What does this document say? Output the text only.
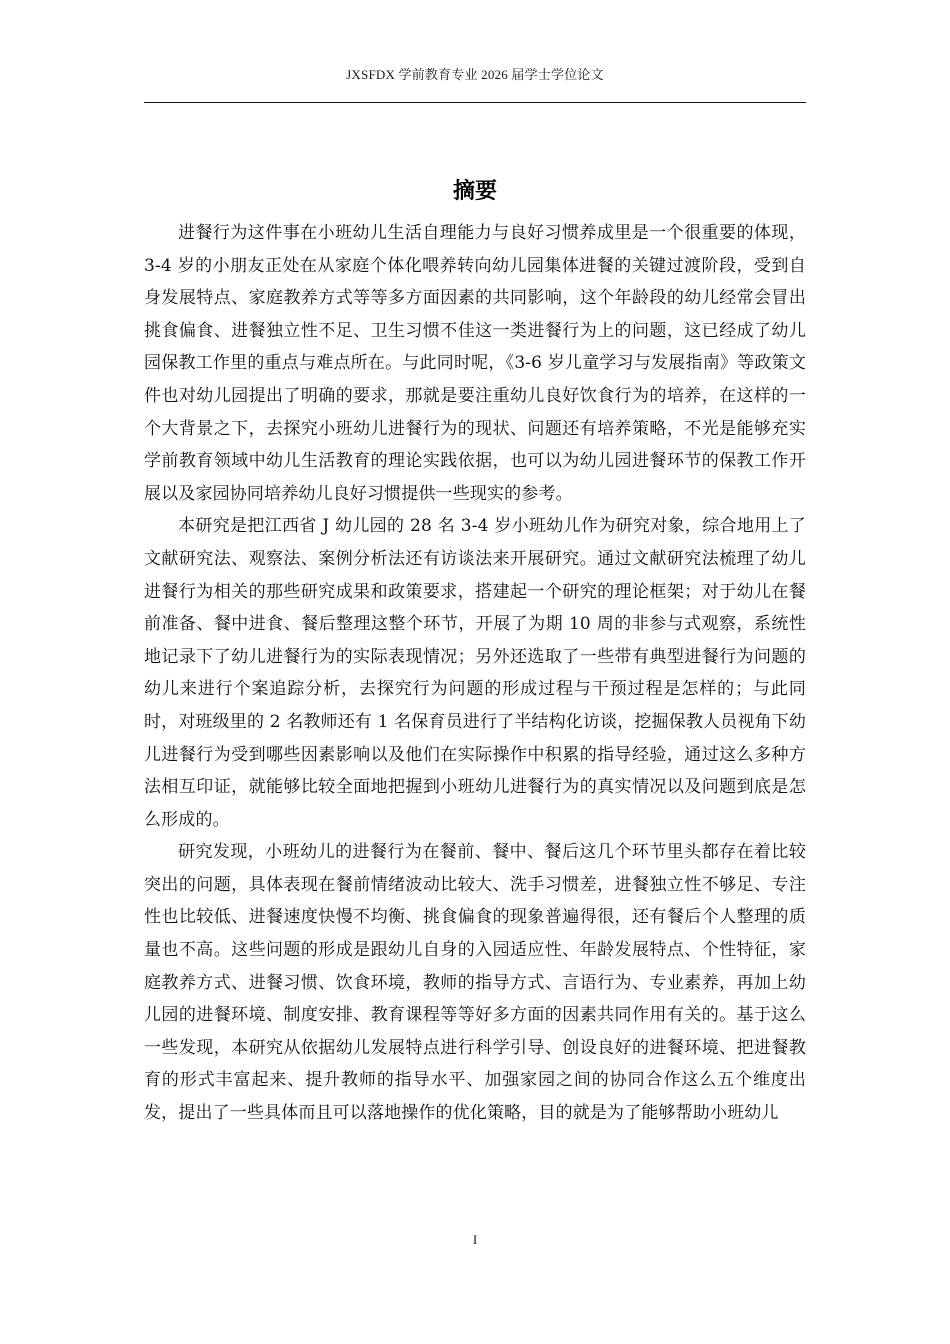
JXSFDX 学前教育专业 2026 届学士学位论文
摘要

进餐行为这件事在小班幼儿生活自理能力与良好习惯养成里是一个很重要的体现，3-4 岁的小朋友正处在从家庭个体化喂养转向幼儿园集体进餐的关键过渡阶段，受到自身发展特点、家庭教养方式等等多方面因素的共同影响，这个年龄段的幼儿经常会冒出挑食偏食、进餐独立性不足、卫生习惯不佳这一类进餐行为上的问题，这已经成了幼儿园保教工作里的重点与难点所在。与此同时呢，《3-6 岁儿童学习与发展指南》等政策文件也对幼儿园提出了明确的要求，那就是要注重幼儿良好饮食行为的培养，在这样的一个大背景之下，去探究小班幼儿进餐行为的现状、问题还有培养策略，不光是能够充实学前教育领域中幼儿生活教育的理论实践依据，也可以为幼儿园进餐环节的保教工作开展以及家园协同培养幼儿良好习惯提供一些现实的参考。

本研究是把江西省 J 幼儿园的 28 名 3-4 岁小班幼儿作为研究对象，综合地用上了文献研究法、观察法、案例分析法还有访谈法来开展研究。通过文献研究法梳理了幼儿进餐行为相关的那些研究成果和政策要求，搭建起一个研究的理论框架；对于幼儿在餐前准备、餐中进食、餐后整理这整个环节，开展了为期 10 周的非参与式观察，系统性地记录下了幼儿进餐行为的实际表现情况；另外还选取了一些带有典型进餐行为问题的幼儿来进行个案追踪分析，去探究行为问题的形成过程与干预过程是怎样的；与此同时，对班级里的 2 名教师还有 1 名保育员进行了半结构化访谈，挖掘保教人员视角下幼儿进餐行为受到哪些因素影响以及他们在实际操作中积累的指导经验，通过这么多种方法相互印证，就能够比较全面地把握到小班幼儿进餐行为的真实情况以及问题到底是怎么形成的。

研究发现，小班幼儿的进餐行为在餐前、餐中、餐后这几个环节里头都存在着比较突出的问题，具体表现在餐前情绪波动比较大、洗手习惯差，进餐独立性不够足、专注性也比较低、进餐速度快慢不均衡、挑食偏食的现象普遍得很，还有餐后个人整理的质量也不高。这些问题的形成是跟幼儿自身的入园适应性、年龄发展特点、个性特征，家庭教养方式、进餐习惯、饮食环境，教师的指导方式、言语行为、专业素养，再加上幼儿园的进餐环境、制度安排、教育课程等等好多方面的因素共同作用有关的。基于这么一些发现，本研究从依据幼儿发展特点进行科学引导、创设良好的进餐环境、把进餐教育的形式丰富起来、提升教师的指导水平、加强家园之间的协同合作这么五个维度出发，提出了一些具体而且可以落地操作的优化策略，目的就是为了能够帮助小班幼儿

I
